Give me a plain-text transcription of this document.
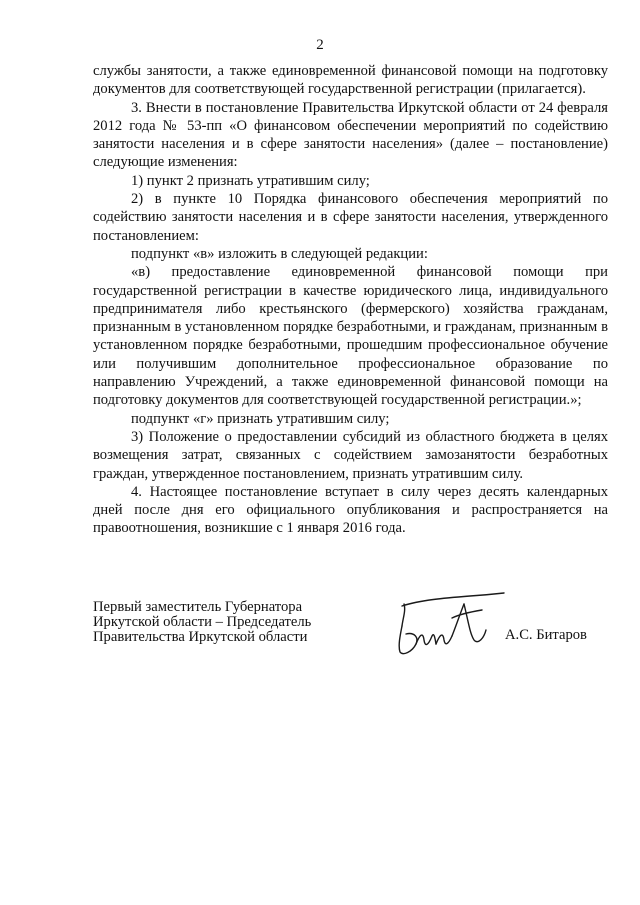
2

службы занятости, а также единовременной финансовой помощи на подготовку документов для соответствующей государственной регистрации (прилагается).

3. Внести в постановление Правительства Иркутской области от 24 февраля 2012 года № 53-пп «О финансовом обеспечении мероприятий по содействию занятости населения и в сфере занятости населения» (далее – постановление) следующие изменения:

1) пункт 2 признать утратившим силу;

2) в пункте 10 Порядка финансового обеспечения мероприятий по содействию занятости населения и в сфере занятости населения, утвержденного постановлением:

подпункт «в» изложить в следующей редакции:

«в) предоставление единовременной финансовой помощи при государственной регистрации в качестве юридического лица, индивидуального предпринимателя либо крестьянского (фермерского) хозяйства гражданам, признанным в установленном порядке безработными, и гражданам, признанным в установленном порядке безработными, прошедшим профессиональное обучение или получившим дополнительное профессиональное образование по направлению Учреждений, а также единовременной финансовой помощи на подготовку документов для соответствующей государственной регистрации.»;

подпункт «г» признать утратившим силу;

3) Положение о предоставлении субсидий из областного бюджета в целях возмещения затрат, связанных с содействием замозанятости безработных граждан, утвержденное постановлением, признать утратившим силу.

4. Настоящее постановление вступает в силу через десять календарных дней после дня его официального опубликования и распространяется на правоотношения, возникшие с 1 января 2016 года.

Первый заместитель Губернатора
Иркутской области – Председатель
Правительства Иркутской области	А.С. Битаров
